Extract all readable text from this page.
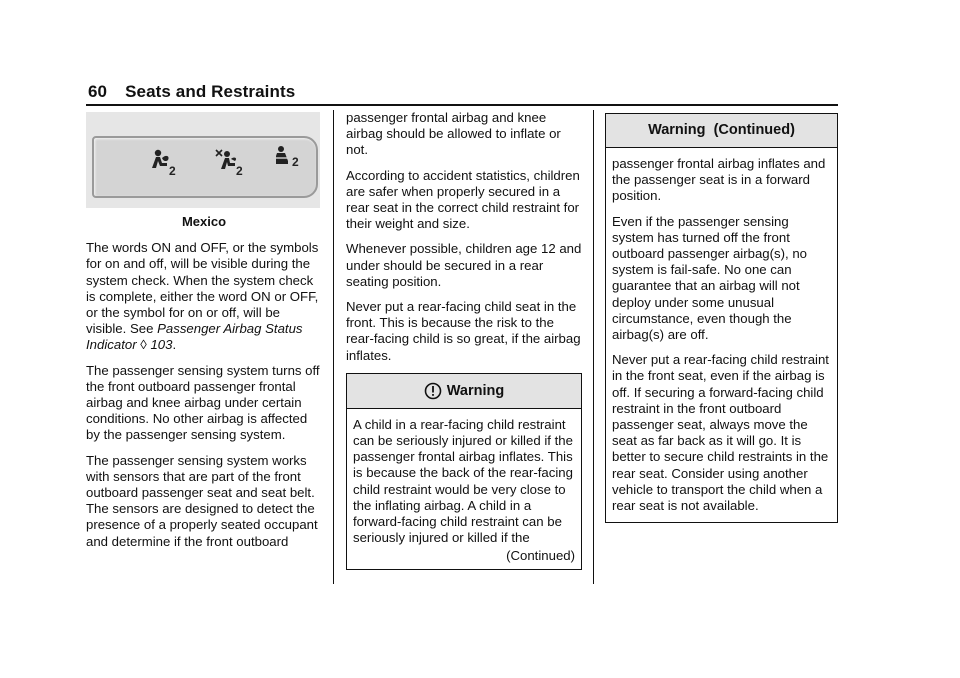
60 Seats and Restraints
2	2
2
Mexico

The words ON and OFF, or the symbols for on and off, will be visible during the system check. When the system check is complete, either the word ON or OFF, or the symbol for on or off, will be visible. See Passenger Airbag Status Indicator ◊ 103.

The passenger sensing system turns off the front outboard passenger frontal airbag and knee airbag under certain conditions. No other airbag is affected by the passenger sensing system.

The passenger sensing system works with sensors that are part of the front outboard passenger seat and seat belt. The sensors are designed to detect the presence of a properly seated occupant and determine if the front outboard

passenger frontal airbag and knee airbag should be allowed to inflate or not.

According to accident statistics, children are safer when properly secured in a rear seat in the correct child restraint for their weight and size.

Whenever possible, children age 12 and under should be secured in a rear seating position.

Never put a rear-facing child seat in the front. This is because the risk to the rear-facing child is so great, if the airbag inflates.

Warning

A child in a rear-facing child restraint can be seriously injured or killed if the passenger frontal airbag inflates. This is because the back of the rear-facing child restraint would be very close to the inflating airbag. A child in a forward-facing child restraint can be seriously injured or killed if the

(Continued)
Warning  (Continued)

passenger frontal airbag inflates and the passenger seat is in a forward position.

Even if the passenger sensing system has turned off the front outboard passenger airbag(s), no system is fail-safe. No one can guarantee that an airbag will not deploy under some unusual circumstance, even though the airbag(s) are off.

Never put a rear-facing child restraint in the front seat, even if the airbag is off. If securing a forward-facing child restraint in the front outboard passenger seat, always move the seat as far back as it will go. It is better to secure child restraints in the rear seat. Consider using another vehicle to transport the child when a rear seat is not available.
